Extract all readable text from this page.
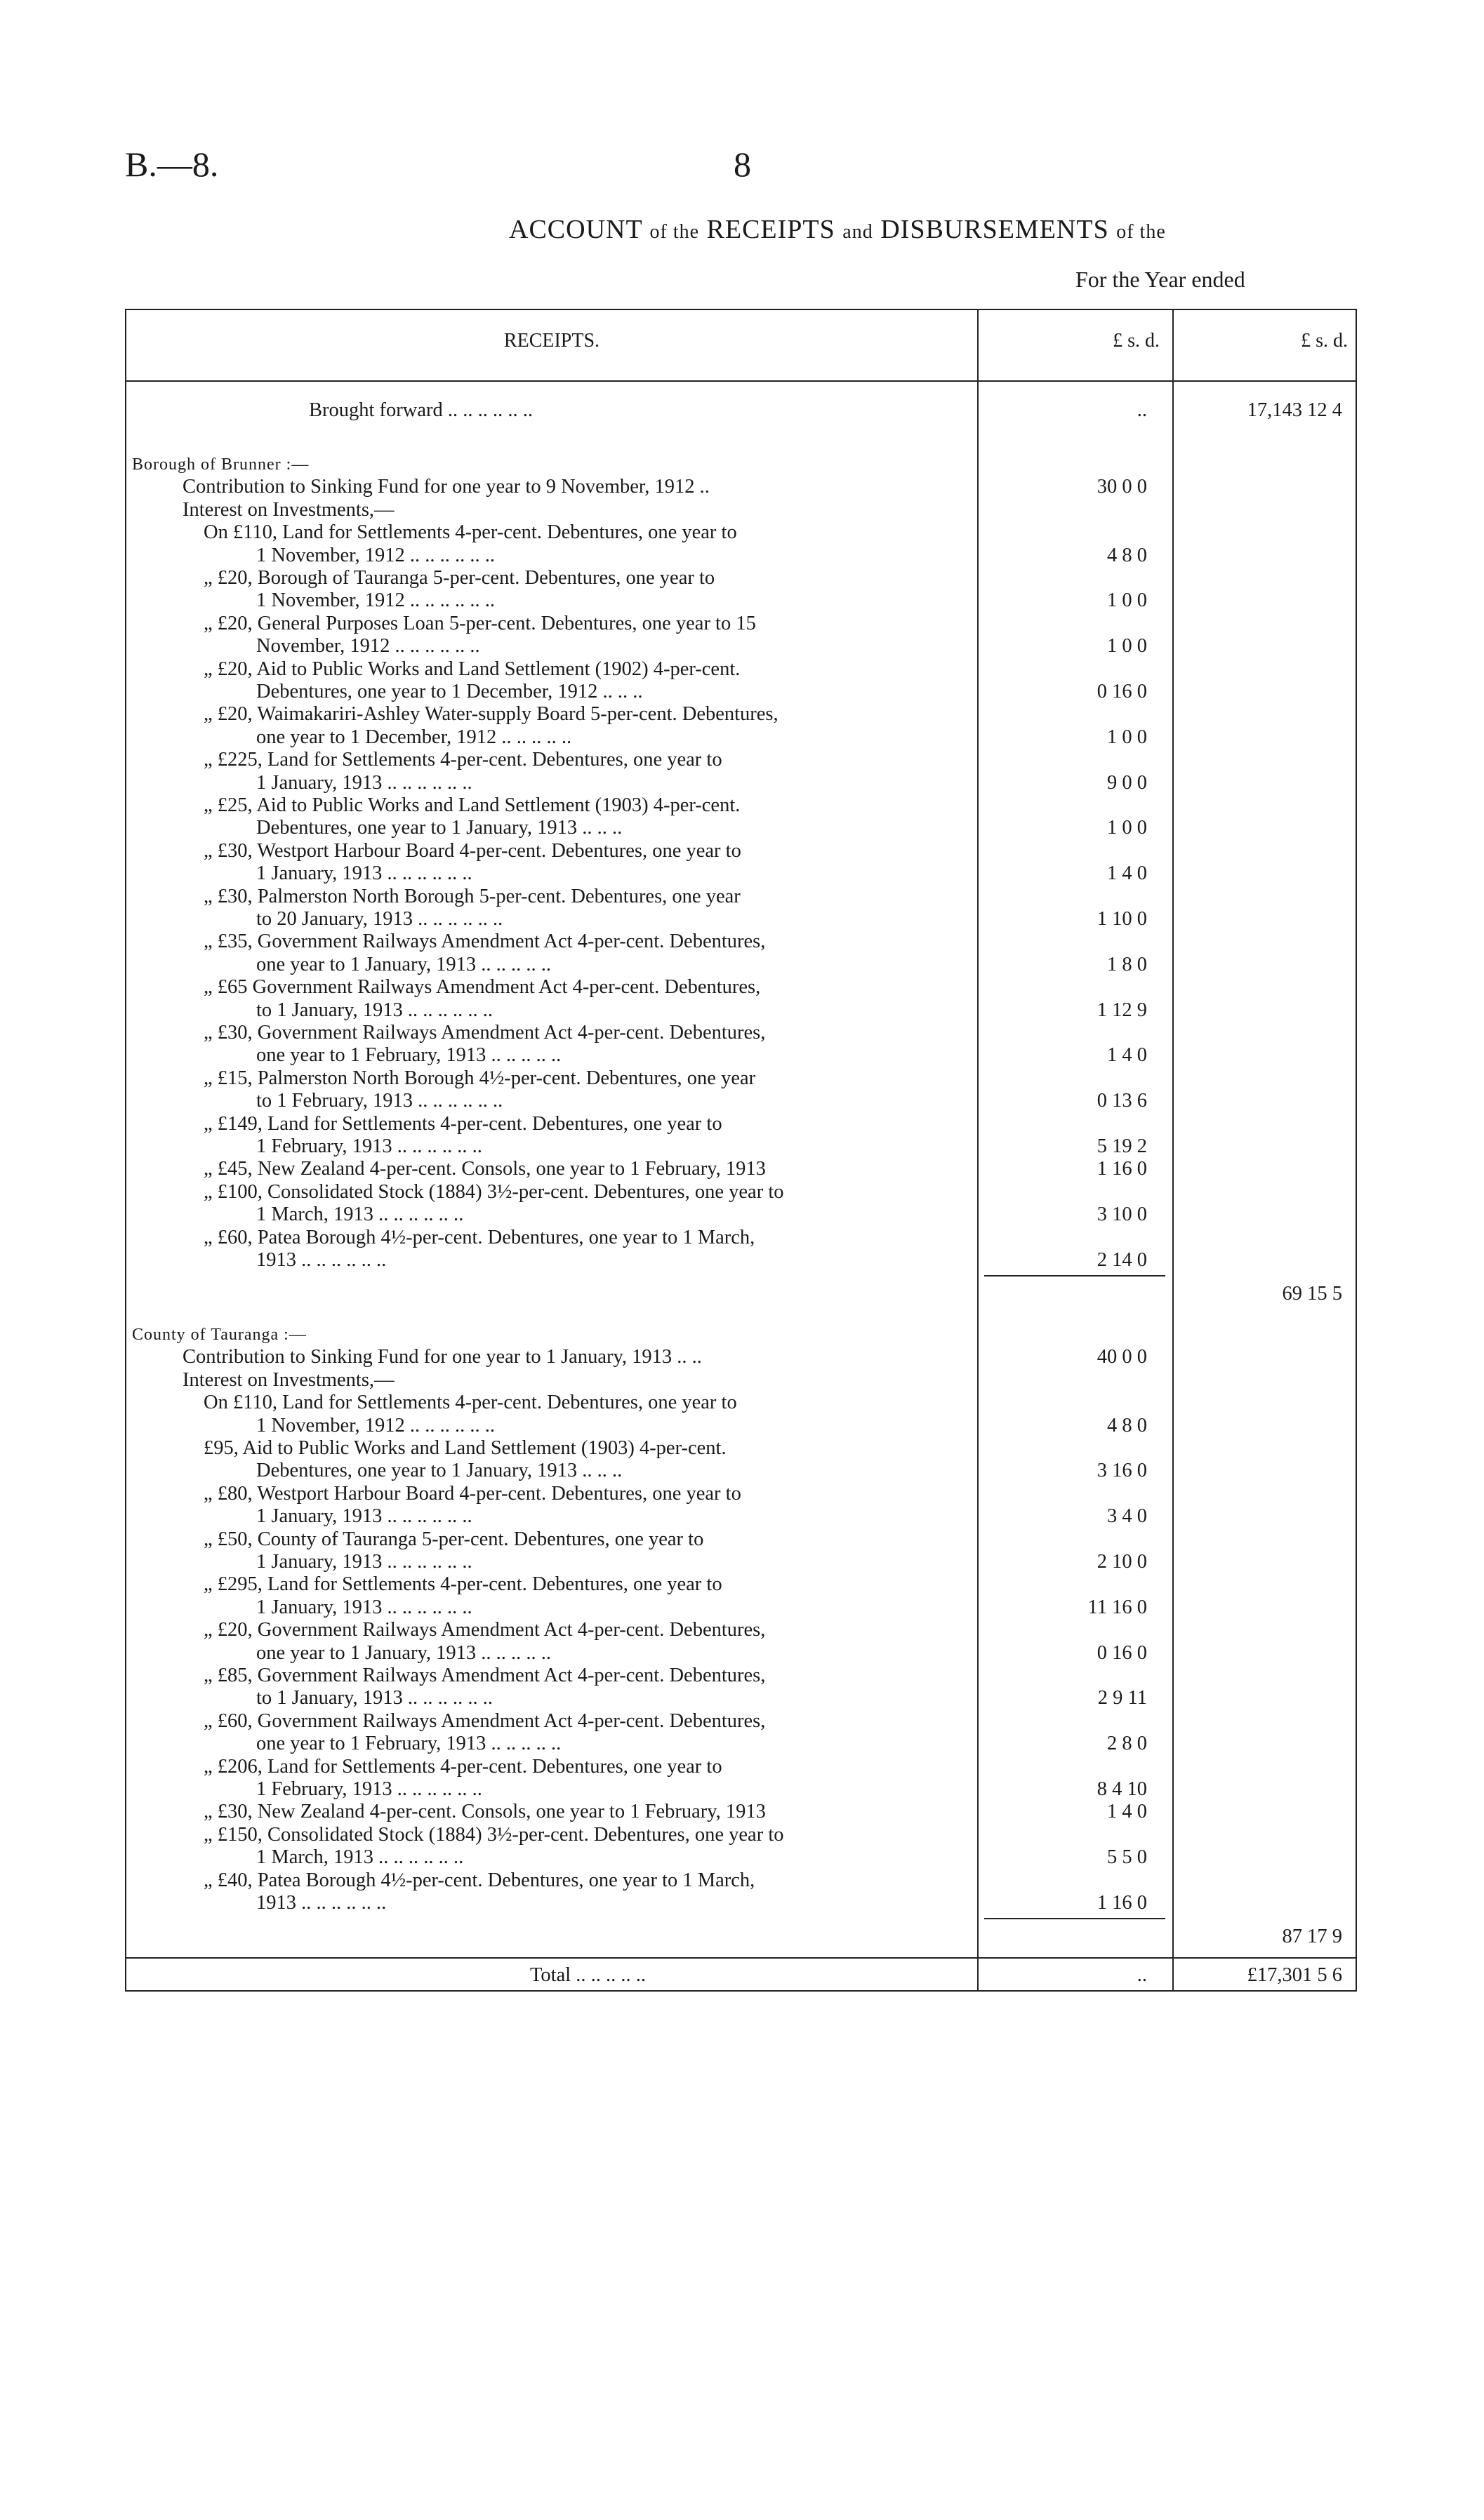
B.—8.	8
ACCOUNT of the RECEIPTS and DISBURSEMENTS of the
For the Year ended
RECEIPTS.	£ s. d.	£ s. d.
Brought forward .. .. .. .. .. ..	..	17,143 12 4
Borough of Brunner :—
Contribution to Sinking Fund for one year to 9 November, 1912 ..	30 0 0
Interest on Investments,—
On £110, Land for Settlements 4-per-cent. Debentures, one year to
1 November, 1912 .. .. .. .. .. ..	4 8 0
„ £20, Borough of Tauranga 5-per-cent. Debentures, one year to
1 November, 1912 .. .. .. .. .. ..	1 0 0
„ £20, General Purposes Loan 5-per-cent. Debentures, one year to 15
November, 1912 .. .. .. .. .. ..	1 0 0
„ £20, Aid to Public Works and Land Settlement (1902) 4-per-cent.
Debentures, one year to 1 December, 1912 .. .. ..	0 16 0
„ £20, Waimakariri-Ashley Water-supply Board 5-per-cent. Debentures,
one year to 1 December, 1912 .. .. .. .. ..	1 0 0
„ £225, Land for Settlements 4-per-cent. Debentures, one year to
1 January, 1913 .. .. .. .. .. ..	9 0 0
„ £25, Aid to Public Works and Land Settlement (1903) 4-per-cent.
Debentures, one year to 1 January, 1913 .. .. ..	1 0 0
„ £30, Westport Harbour Board 4-per-cent. Debentures, one year to
1 January, 1913 .. .. .. .. .. ..	1 4 0
„ £30, Palmerston North Borough 5-per-cent. Debentures, one year
to 20 January, 1913 .. .. .. .. .. ..	1 10 0
„ £35, Government Railways Amendment Act 4-per-cent. Debentures,
one year to 1 January, 1913 .. .. .. .. ..	1 8 0
„ £65 Government Railways Amendment Act 4-per-cent. Debentures,
to 1 January, 1913 .. .. .. .. .. ..	1 12 9
„ £30, Government Railways Amendment Act 4-per-cent. Debentures,
one year to 1 February, 1913 .. .. .. .. ..	1 4 0
„ £15, Palmerston North Borough 4½-per-cent. Debentures, one year
to 1 February, 1913 .. .. .. .. .. ..	0 13 6
„ £149, Land for Settlements 4-per-cent. Debentures, one year to
1 February, 1913 .. .. .. .. .. ..	5 19 2
„ £45, New Zealand 4-per-cent. Consols, one year to 1 February, 1913	1 16 0
„ £100, Consolidated Stock (1884) 3½-per-cent. Debentures, one year to
1 March, 1913 .. .. .. .. .. ..	3 10 0
„ £60, Patea Borough 4½-per-cent. Debentures, one year to 1 March,
1913 .. .. .. .. .. ..	2 14 0
69 15 5
County of Tauranga :—
Contribution to Sinking Fund for one year to 1 January, 1913 .. ..	40 0 0
Interest on Investments,—
On £110, Land for Settlements 4-per-cent. Debentures, one year to
1 November, 1912 .. .. .. .. .. ..	4 8 0
£95, Aid to Public Works and Land Settlement (1903) 4-per-cent.
Debentures, one year to 1 January, 1913 .. .. ..	3 16 0
„ £80, Westport Harbour Board 4-per-cent. Debentures, one year to
1 January, 1913 .. .. .. .. .. ..	3 4 0
„ £50, County of Tauranga 5-per-cent. Debentures, one year to
1 January, 1913 .. .. .. .. .. ..	2 10 0
„ £295, Land for Settlements 4-per-cent. Debentures, one year to
1 January, 1913 .. .. .. .. .. ..	11 16 0
„ £20, Government Railways Amendment Act 4-per-cent. Debentures,
one year to 1 January, 1913 .. .. .. .. ..	0 16 0
„ £85, Government Railways Amendment Act 4-per-cent. Debentures,
to 1 January, 1913 .. .. .. .. .. ..	2 9 11
„ £60, Government Railways Amendment Act 4-per-cent. Debentures,
one year to 1 February, 1913 .. .. .. .. ..	2 8 0
„ £206, Land for Settlements 4-per-cent. Debentures, one year to
1 February, 1913 .. .. .. .. .. ..	8 4 10
„ £30, New Zealand 4-per-cent. Consols, one year to 1 February, 1913	1 4 0
„ £150, Consolidated Stock (1884) 3½-per-cent. Debentures, one year to
1 March, 1913 .. .. .. .. .. ..	5 5 0
„ £40, Patea Borough 4½-per-cent. Debentures, one year to 1 March,
1913 .. .. .. .. .. ..	1 16 0
87 17 9
Total .. .. .. .. ..	..	£17,301 5 6
